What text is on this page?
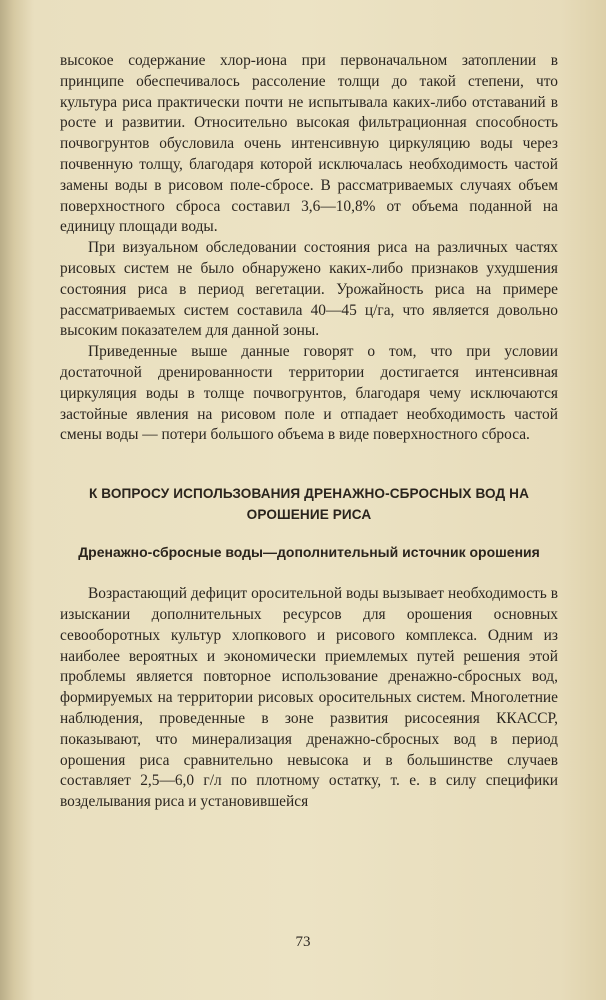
высокое содержание хлор-иона при первоначальном затоплении в принципе обеспечивалось рассоление толщи до такой степени, что культура риса практически почти не испытывала каких-либо отставаний в росте и развитии. Относительно высокая фильтрационная способность почвогрунтов обусловила очень интенсивную циркуляцию воды через почвенную толщу, благодаря которой исключалась необходимость частой замены воды в рисовом поле-сбросе. В рассматриваемых случаях объем поверхностного сброса составил 3,6—10,8% от объема поданной на единицу площади воды.

При визуальном обследовании состояния риса на различных частях рисовых систем не было обнаружено каких-либо признаков ухудшения состояния риса в период вегетации. Урожайность риса на примере рассматриваемых систем составила 40—45 ц/га, что является довольно высоким показателем для данной зоны.

Приведенные выше данные говорят о том, что при условии достаточной дренированности территории достигается интенсивная циркуляция воды в толще почвогрунтов, благодаря чему исключаются застойные явления на рисовом поле и отпадает необходимость частой смены воды — потери большого объема в виде поверхностного сброса.

К ВОПРОСУ ИСПОЛЬЗОВАНИЯ ДРЕНАЖНО-СБРОСНЫХ ВОД НА ОРОШЕНИЕ РИСА
Дренажно-сбросные воды—дополнительный источник орошения

Возрастающий дефицит оросительной воды вызывает необходимость в изыскании дополнительных ресурсов для орошения основных севооборотных культур хлопкового и рисового комплекса. Одним из наиболее вероятных и экономически приемлемых путей решения этой проблемы является повторное использование дренажно-сбросных вод, формируемых на территории рисовых оросительных систем. Многолетние наблюдения, проведенные в зоне развития рисосеяния ККАССР, показывают, что минерализация дренажно-сбросных вод в период орошения риса сравнительно невысока и в большинстве случаев составляет 2,5—6,0 г/л по плотному остатку, т. е. в силу специфики возделывания риса и установившейся

73
